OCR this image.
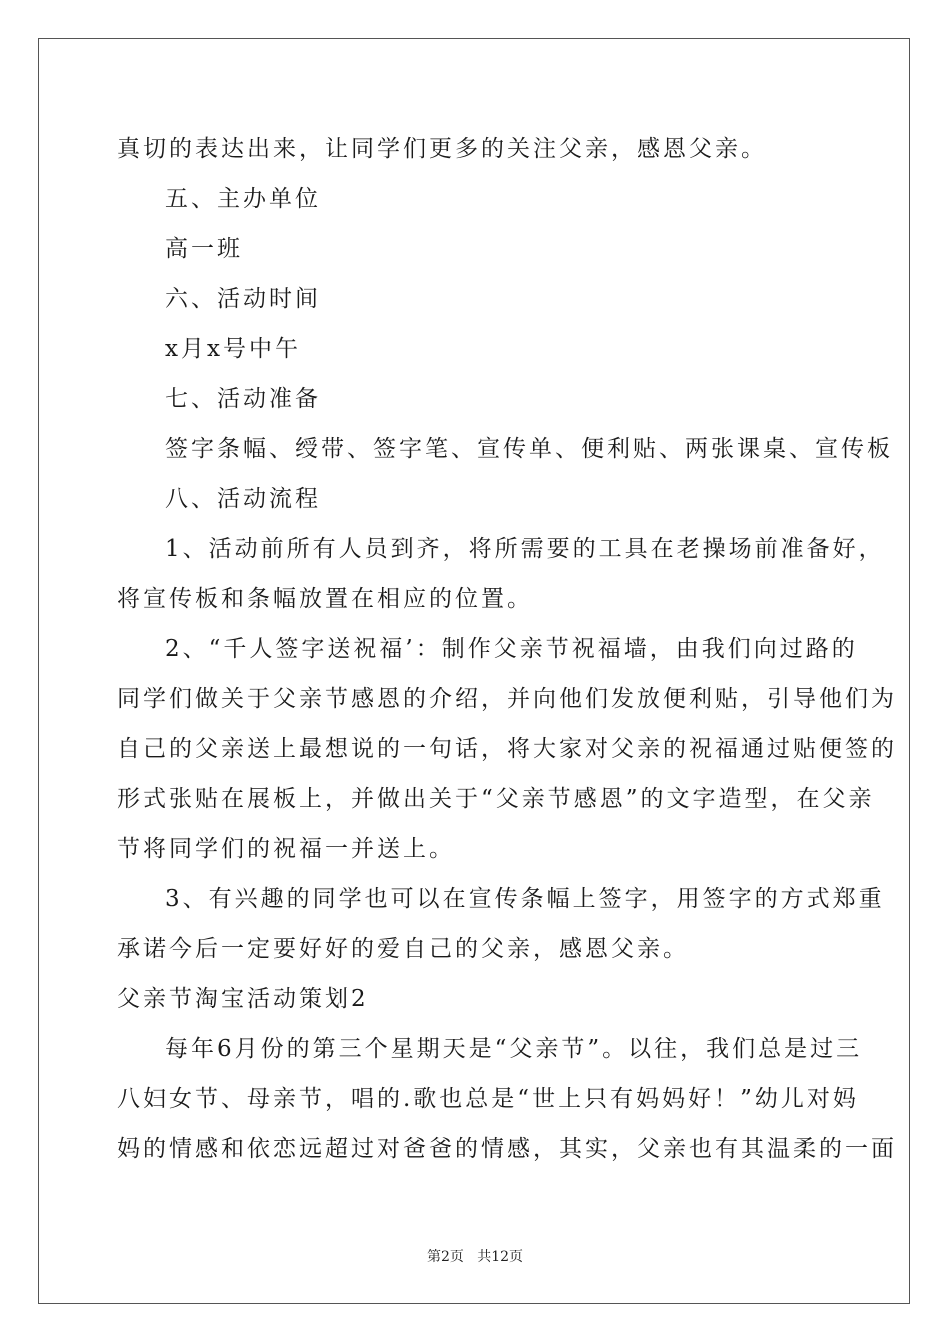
真切的表达出来，让同学们更多的关注父亲，感恩父亲。
五、主办单位
高一班
六、活动时间
x月x号中午
七、活动准备
签字条幅、绶带、签字笔、宣传单、便利贴、两张课桌、宣传板
八、活动流程
1、活动前所有人员到齐，将所需要的工具在老操场前准备好，
将宣传板和条幅放置在相应的位置。
2、“千人签字送祝福’：制作父亲节祝福墙，由我们向过路的
同学们做关于父亲节感恩的介绍，并向他们发放便利贴，引导他们为
自己的父亲送上最想说的一句话，将大家对父亲的祝福通过贴便签的
形式张贴在展板上，并做出关于“父亲节感恩”的文字造型，在父亲
节将同学们的祝福一并送上。
3、有兴趣的同学也可以在宣传条幅上签字，用签字的方式郑重
承诺今后一定要好好的爱自己的父亲，感恩父亲。
父亲节淘宝活动策划2
每年6月份的第三个星期天是“父亲节”。以往，我们总是过三
八妇女节、母亲节，唱的.歌也总是“世上只有妈妈好！”幼儿对妈
妈的情感和依恋远超过对爸爸的情感，其实，父亲也有其温柔的一面
第2页   共12页
